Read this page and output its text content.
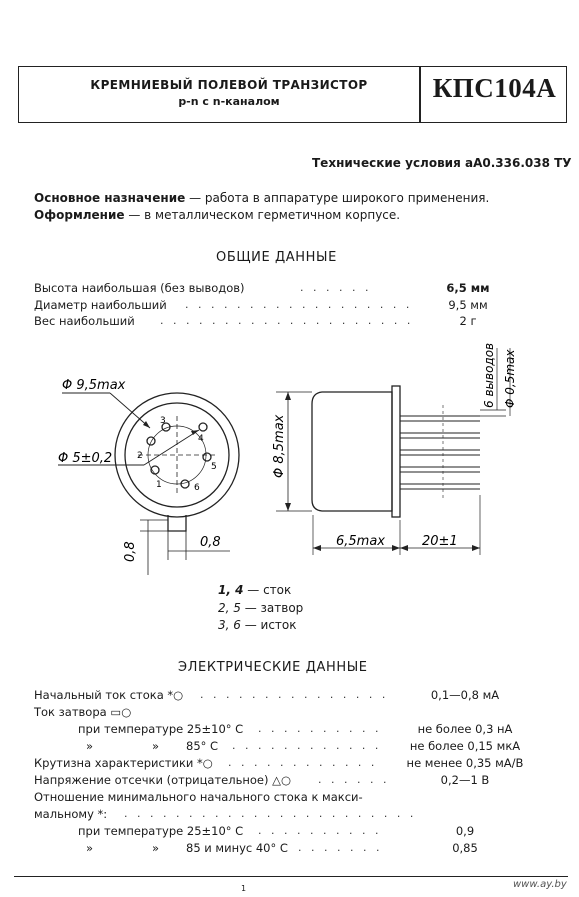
КРЕМНИЕВЫЙ ПОЛЕВОЙ ТРАНЗИСТОР
p-n с n-каналом	КПС104А
Технические условия аА0.336.038 ТУ
Основное назначение — работа в аппаратуре широкого применения.
Оформление — в металлическом герметичном корпусе.
ОБЩИЕ ДАННЫЕ
Высота наибольшая (без выводов)	. . . . . .	6,5 мм
Диаметр наибольший . . . . . . . . . . . . . . . . . .	9,5 мм
Вес наибольший . . . . . . . . . . . . . . . . . . . .	2 г
3
2
1
4
5
6
Φ 9,5max
Φ 5±0,2
0,8
0,8
Φ 8,5max
6,5max	20±1
6 выводов Φ 0,5max
1, 4 — сток
2, 5 — затвор
3, 6 — исток
ЭЛЕКТРИЧЕСКИЕ ДАННЫЕ
Начальный ток стока *○ . . . . . . . . . . . . . . .	0,1—0,8 мА
Ток затвора ▭○
при температуре 25±10° С . . . . . . . . . .	не более 0,3 нА
»	» 85° С . . . . . . . . . . . .	не более 0,15 мкА
Крутизна характеристики *○ . . . . . . . . . . . .	не менее 0,35 мА/В
Напряжение отсечки (отрицательное) △○ . . . . . .	0,2—1 В
Отношение минимального начального стока к макси-
мальному *: . . . . . . . . . . . . . . . . . . . . . . .
при температуре 25±10° С . . . . . . . . . .	0,9
»	» 85 и минус 40° С . . . . . . .	0,85
1	www.ay.by
